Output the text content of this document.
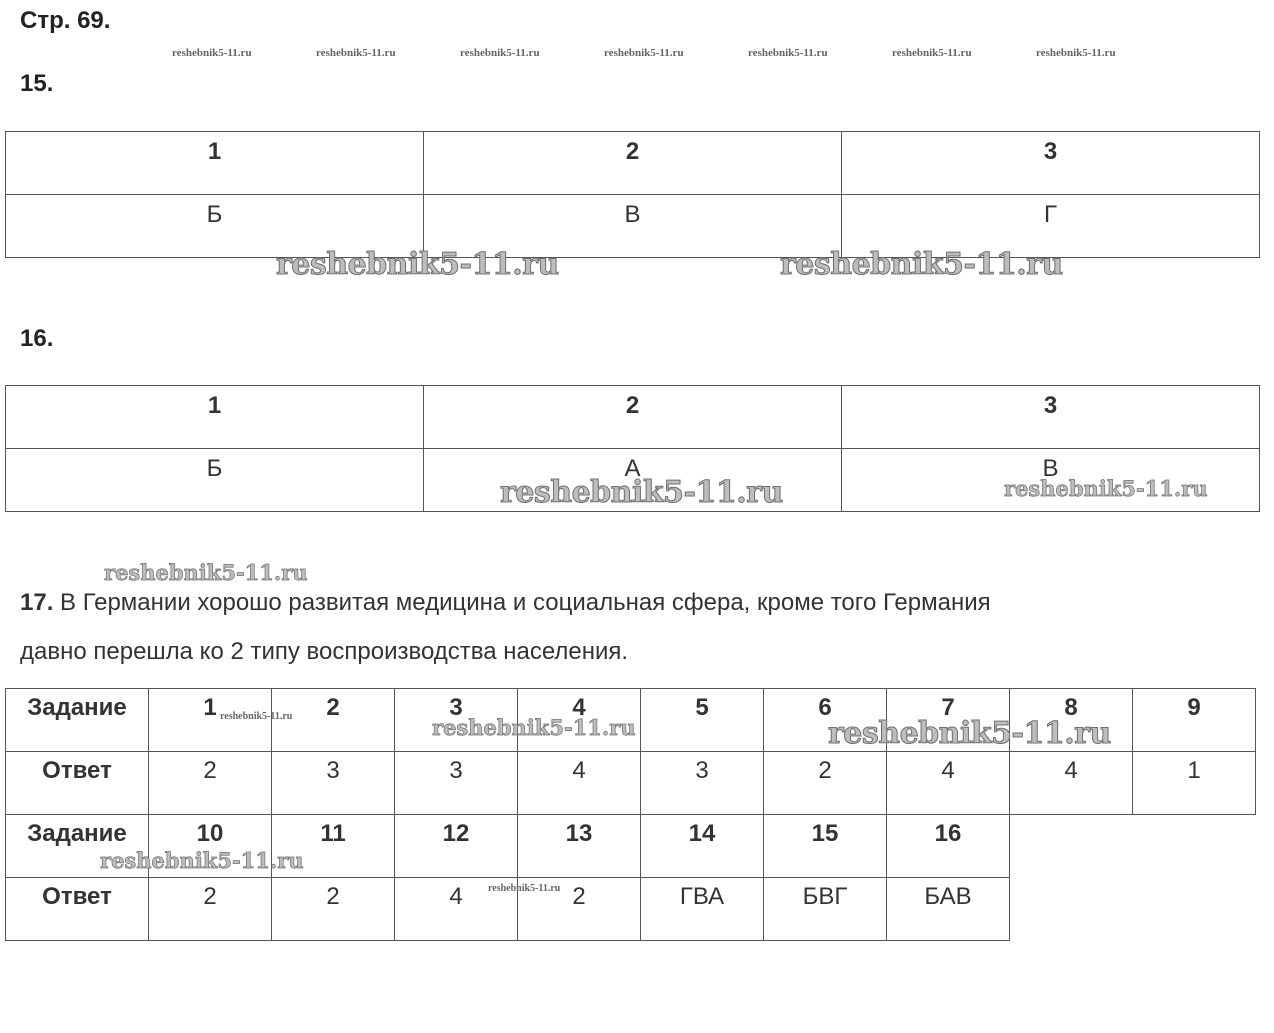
Стр. 69.
reshebnik5-11.ru	reshebnik5-11.ru	reshebnik5-11.ru	reshebnik5-11.ru	reshebnik5-11.ru	reshebnik5-11.ru	reshebnik5-11.ru
15.
1	2	3
Б	В	Г
reshebnik5-11.ru	reshebnik5-11.ru
16.
1	2	3
Б	А	В
reshebnik5-11.ru	reshebnik5-11.ru
reshebnik5-11.ru
17. В Германии хорошо развитая медицина и социальная сфера, кроме того Германия
давно перешла ко 2 типу воспроизводства населения.
Задание	1	2	3	4	5	6	7	8	9
Ответ	2	3	3	4	3	2	4	4	1
Задание	10	11	12	13	14	15	16		
Ответ	2	2	4	2	ГВА	БВГ	БАВ		
reshebnik5-11.ru	reshebnik5-11.ru	reshebnik5-11.ru
reshebnik5-11.ru
reshebnik5-11.ru
